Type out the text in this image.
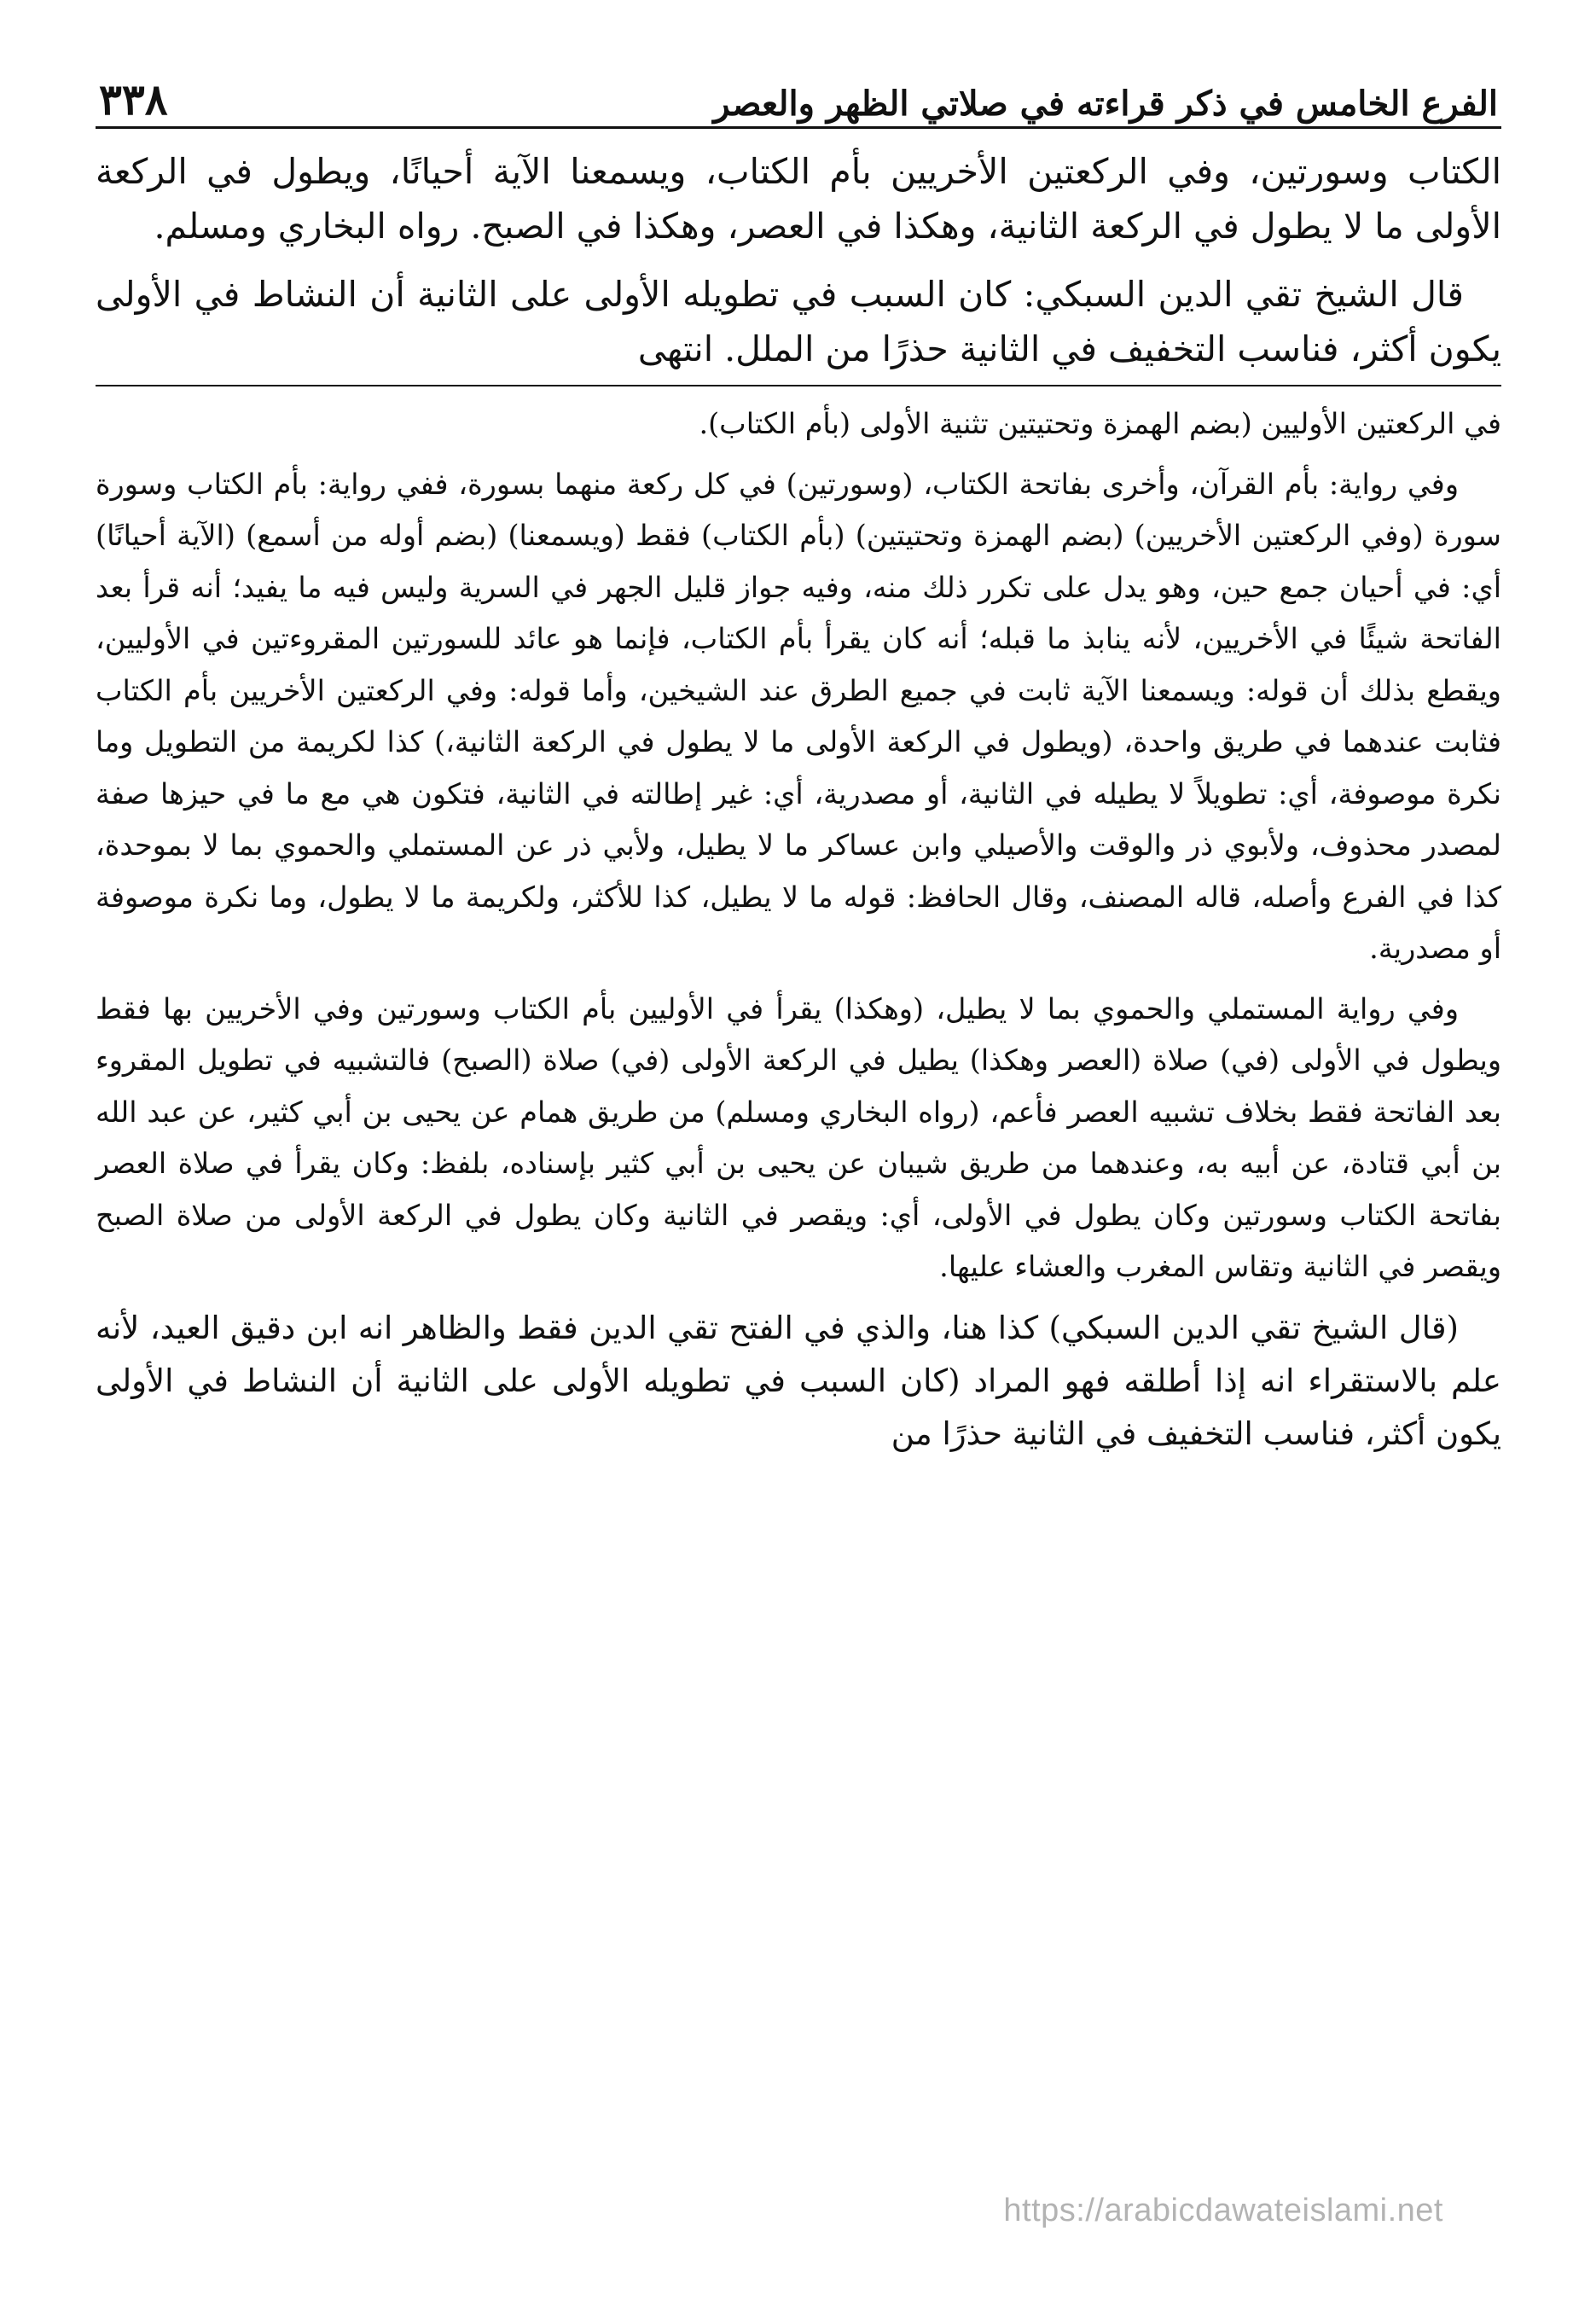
الفرع الخامس في ذكر قراءته في صلاتي الظهر والعصر
٣٣٨

الكتاب وسورتين، وفي الركعتين الأخريين بأم الكتاب، ويسمعنا الآية أحيانًا، ويطول في الركعة الأولى ما لا يطول في الركعة الثانية، وهكذا في العصر، وهكذا في الصبح. رواه البخاري ومسلم.

قال الشيخ تقي الدين السبكي: كان السبب في تطويله الأولى على الثانية أن النشاط في الأولى يكون أكثر، فناسب التخفيف في الثانية حذرًا من الملل. انتهى

في الركعتين الأوليين (بضم الهمزة وتحتيتين تثنية الأولى (بأم الكتاب).

وفي رواية: بأم القرآن، وأخرى بفاتحة الكتاب، (وسورتين) في كل ركعة منهما بسورة، ففي رواية: بأم الكتاب وسورة سورة (وفي الركعتين الأخريين) (بضم الهمزة وتحتيتين) (بأم الكتاب) فقط (ويسمعنا) (بضم أوله من أسمع) (الآية أحيانًا) أي: في أحيان جمع حين، وهو يدل على تكرر ذلك منه، وفيه جواز قليل الجهر في السرية وليس فيه ما يفيد؛ أنه قرأ بعد الفاتحة شيئًا في الأخريين، لأنه ينابذ ما قبله؛ أنه كان يقرأ بأم الكتاب، فإنما هو عائد للسورتين المقروءتين في الأوليين، ويقطع بذلك أن قوله: ويسمعنا الآية ثابت في جميع الطرق عند الشيخين، وأما قوله: وفي الركعتين الأخريين بأم الكتاب فثابت عندهما في طريق واحدة، (ويطول في الركعة الأولى ما لا يطول في الركعة الثانية،) كذا لكريمة من التطويل وما نكرة موصوفة، أي: تطويلاً لا يطيله في الثانية، أو مصدرية، أي: غير إطالته في الثانية، فتكون هي مع ما في حيزها صفة لمصدر محذوف، ولأبوي ذر والوقت والأصيلي وابن عساكر ما لا يطيل، ولأبي ذر عن المستملي والحموي بما لا بموحدة، كذا في الفرع وأصله، قاله المصنف، وقال الحافظ: قوله ما لا يطيل، كذا للأكثر، ولكريمة ما لا يطول، وما نكرة موصوفة أو مصدرية.

وفي رواية المستملي والحموي بما لا يطيل، (وهكذا) يقرأ في الأوليين بأم الكتاب وسورتين وفي الأخريين بها فقط ويطول في الأولى (في) صلاة (العصر وهكذا) يطيل في الركعة الأولى (في) صلاة (الصبح) فالتشبيه في تطويل المقروء بعد الفاتحة فقط بخلاف تشبيه العصر فأعم، (رواه البخاري ومسلم) من طريق همام عن يحيى بن أبي كثير، عن عبد الله بن أبي قتادة، عن أبيه به، وعندهما من طريق شيبان عن يحيى بن أبي كثير بإسناده، بلفظ: وكان يقرأ في صلاة العصر بفاتحة الكتاب وسورتين وكان يطول في الأولى، أي: ويقصر في الثانية وكان يطول في الركعة الأولى من صلاة الصبح ويقصر في الثانية وتقاس المغرب والعشاء عليها.

(قال الشيخ تقي الدين السبكي) كذا هنا، والذي في الفتح تقي الدين فقط والظاهر انه ابن دقيق العيد، لأنه علم بالاستقراء انه إذا أطلقه فهو المراد (كان السبب في تطويله الأولى على الثانية أن النشاط في الأولى يكون أكثر، فناسب التخفيف في الثانية حذرًا من

https://arabicdawateislami.net
